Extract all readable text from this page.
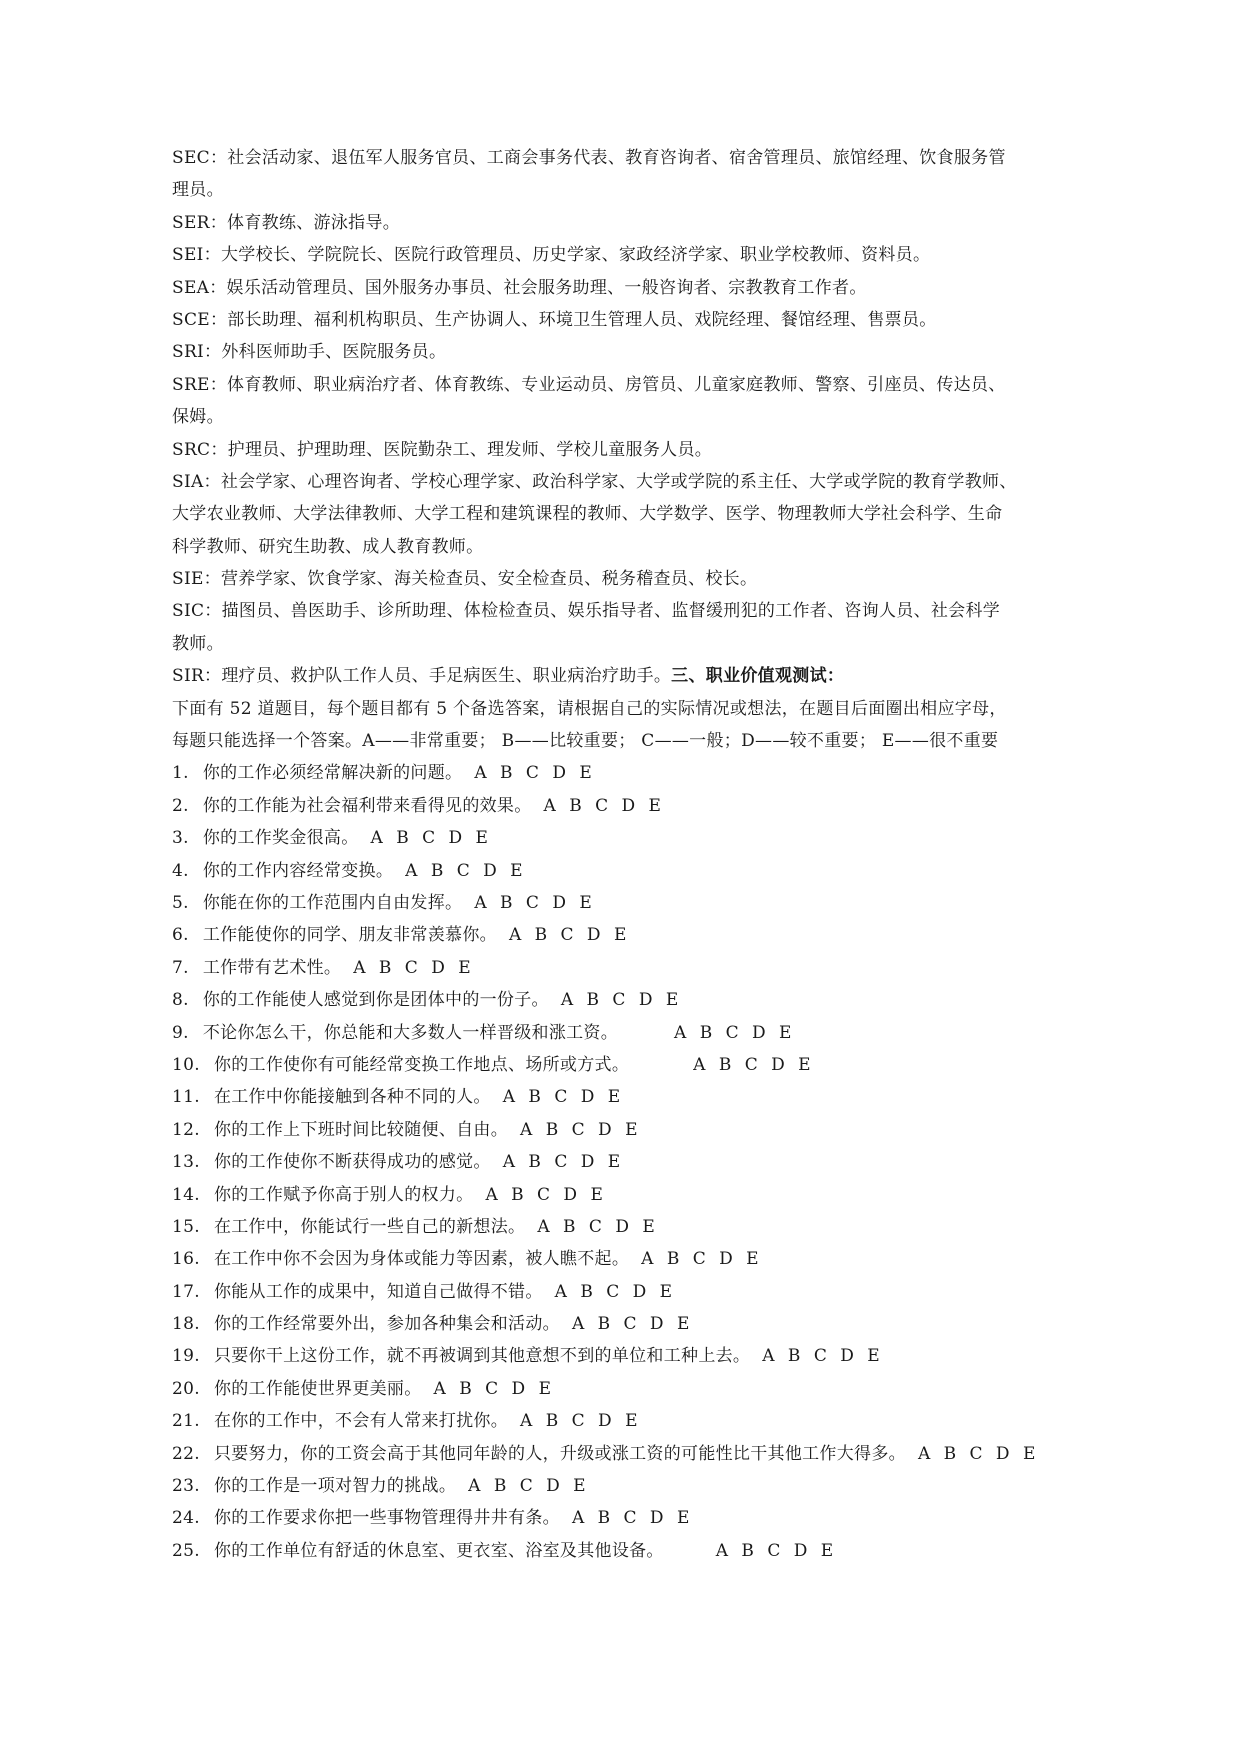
SEC：社会活动家、退伍军人服务官员、工商会事务代表、教育咨询者、宿舍管理员、旅馆经理、饮食服务管
理员。
SER：体育教练、游泳指导。
SEI：大学校长、学院院长、医院行政管理员、历史学家、家政经济学家、职业学校教师、资料员。
SEA：娱乐活动管理员、国外服务办事员、社会服务助理、一般咨询者、宗教教育工作者。
SCE：部长助理、福利机构职员、生产协调人、环境卫生管理人员、戏院经理、餐馆经理、售票员。
SRI：外科医师助手、医院服务员。
SRE：体育教师、职业病治疗者、体育教练、专业运动员、房管员、儿童家庭教师、警察、引座员、传达员、
保姆。
SRC：护理员、护理助理、医院勤杂工、理发师、学校儿童服务人员。
SIA：社会学家、心理咨询者、学校心理学家、政治科学家、大学或学院的系主任、大学或学院的教育学教师、
大学农业教师、大学法律教师、大学工程和建筑课程的教师、大学数学、医学、物理教师大学社会科学、生命
科学教师、研究生助教、成人教育教师。
SIE：营养学家、饮食学家、海关检查员、安全检查员、税务稽查员、校长。
SIC：描图员、兽医助手、诊所助理、体检检查员、娱乐指导者、监督缓刑犯的工作者、咨询人员、社会科学
教师。
SIR：理疗员、救护队工作人员、手足病医生、职业病治疗助手。三、职业价值观测试：
下面有 52 道题目，每个题目都有 5 个备选答案，请根据自己的实际情况或想法，在题目后面圈出相应字母，
每题只能选择一个答案。A——非常重要； B——比较重要； C——一般；D——较不重要； E——很不重要
1. 你的工作必须经常解决新的问题。 A B C D E
2. 你的工作能为社会福利带来看得见的效果。 A B C D E
3. 你的工作奖金很高。 A B C D E
4. 你的工作内容经常变换。 A B C D E
5. 你能在你的工作范围内自由发挥。 A B C D E
6. 工作能使你的同学、朋友非常羡慕你。 A B C D E
7. 工作带有艺术性。 A B C D E
8. 你的工作能使人感觉到你是团体中的一份子。 A B C D E
9. 不论你怎么干，你总能和大多数人一样晋级和涨工资。	A B C D E
10. 你的工作使你有可能经常变换工作地点、场所或方式。	A B C D E
11. 在工作中你能接触到各种不同的人。 A B C D E
12. 你的工作上下班时间比较随便、自由。 A B C D E
13. 你的工作使你不断获得成功的感觉。 A B C D E
14. 你的工作赋予你高于别人的权力。 A B C D E
15. 在工作中，你能试行一些自己的新想法。 A B C D E
16. 在工作中你不会因为身体或能力等因素，被人瞧不起。 A B C D E
17. 你能从工作的成果中，知道自己做得不错。 A B C D E
18. 你的工作经常要外出，参加各种集会和活动。 A B C D E
19. 只要你干上这份工作，就不再被调到其他意想不到的单位和工种上去。 A B C D E
20. 你的工作能使世界更美丽。 A B C D E
21. 在你的工作中，不会有人常来打扰你。 A B C D E
22. 只要努力，你的工资会高于其他同年龄的人，升级或涨工资的可能性比干其他工作大得多。 A B C D E
23. 你的工作是一项对智力的挑战。 A B C D E
24. 你的工作要求你把一些事物管理得井井有条。 A B C D E
25. 你的工作单位有舒适的休息室、更衣室、浴室及其他设备。	A B C D E
